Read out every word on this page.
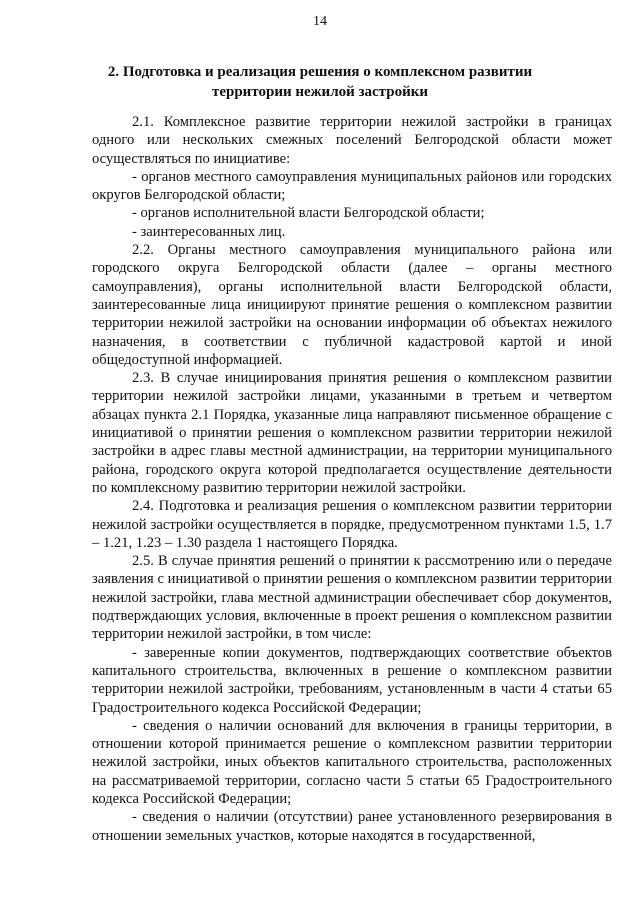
14
2. Подготовка и реализация решения о комплексном развитии территории нежилой застройки

2.1. Комплексное развитие территории нежилой застройки в границах одного или нескольких смежных поселений Белгородской области может осуществляться по инициативе:

- органов местного самоуправления муниципальных районов или городских округов Белгородской области;

- органов исполнительной власти Белгородской области;

- заинтересованных лиц.

2.2. Органы местного самоуправления муниципального района или городского округа Белгородской области (далее – органы местного самоуправления), органы исполнительной власти Белгородской области, заинтересованные лица инициируют принятие решения о комплексном развитии территории нежилой застройки на основании информации об объектах нежилого назначения, в соответствии с публичной кадастровой картой и иной общедоступной информацией.

2.3. В случае инициирования принятия решения о комплексном развитии территории нежилой застройки лицами, указанными в третьем и четвертом абзацах пункта 2.1 Порядка, указанные лица направляют письменное обращение с инициативой о принятии решения о комплексном развитии территории нежилой застройки в адрес главы местной администрации, на территории муниципального района, городского округа которой предполагается осуществление деятельности по комплексному развитию территории нежилой застройки.

2.4. Подготовка и реализация решения о комплексном развитии территории нежилой застройки осуществляется в порядке, предусмотренном пунктами 1.5, 1.7 – 1.21, 1.23 – 1.30 раздела 1 настоящего Порядка.

2.5. В случае принятия решений о принятии к рассмотрению или о передаче заявления с инициативой о принятии решения о комплексном развитии территории нежилой застройки, глава местной администрации обеспечивает сбор документов, подтверждающих условия, включенные в проект решения о комплексном развитии территории нежилой застройки, в том числе:

- заверенные копии документов, подтверждающих соответствие объектов капитального строительства, включенных в решение о комплексном развитии территории нежилой застройки, требованиям, установленным в части 4 статьи 65 Градостроительного кодекса Российской Федерации;

- сведения о наличии оснований для включения в границы территории, в отношении которой принимается решение о комплексном развитии территории нежилой застройки, иных объектов капитального строительства, расположенных на рассматриваемой территории, согласно части 5 статьи 65 Градостроительного кодекса Российской Федерации;

- сведения о наличии (отсутствии) ранее установленного резервирования в отношении земельных участков, которые находятся в государственной,
